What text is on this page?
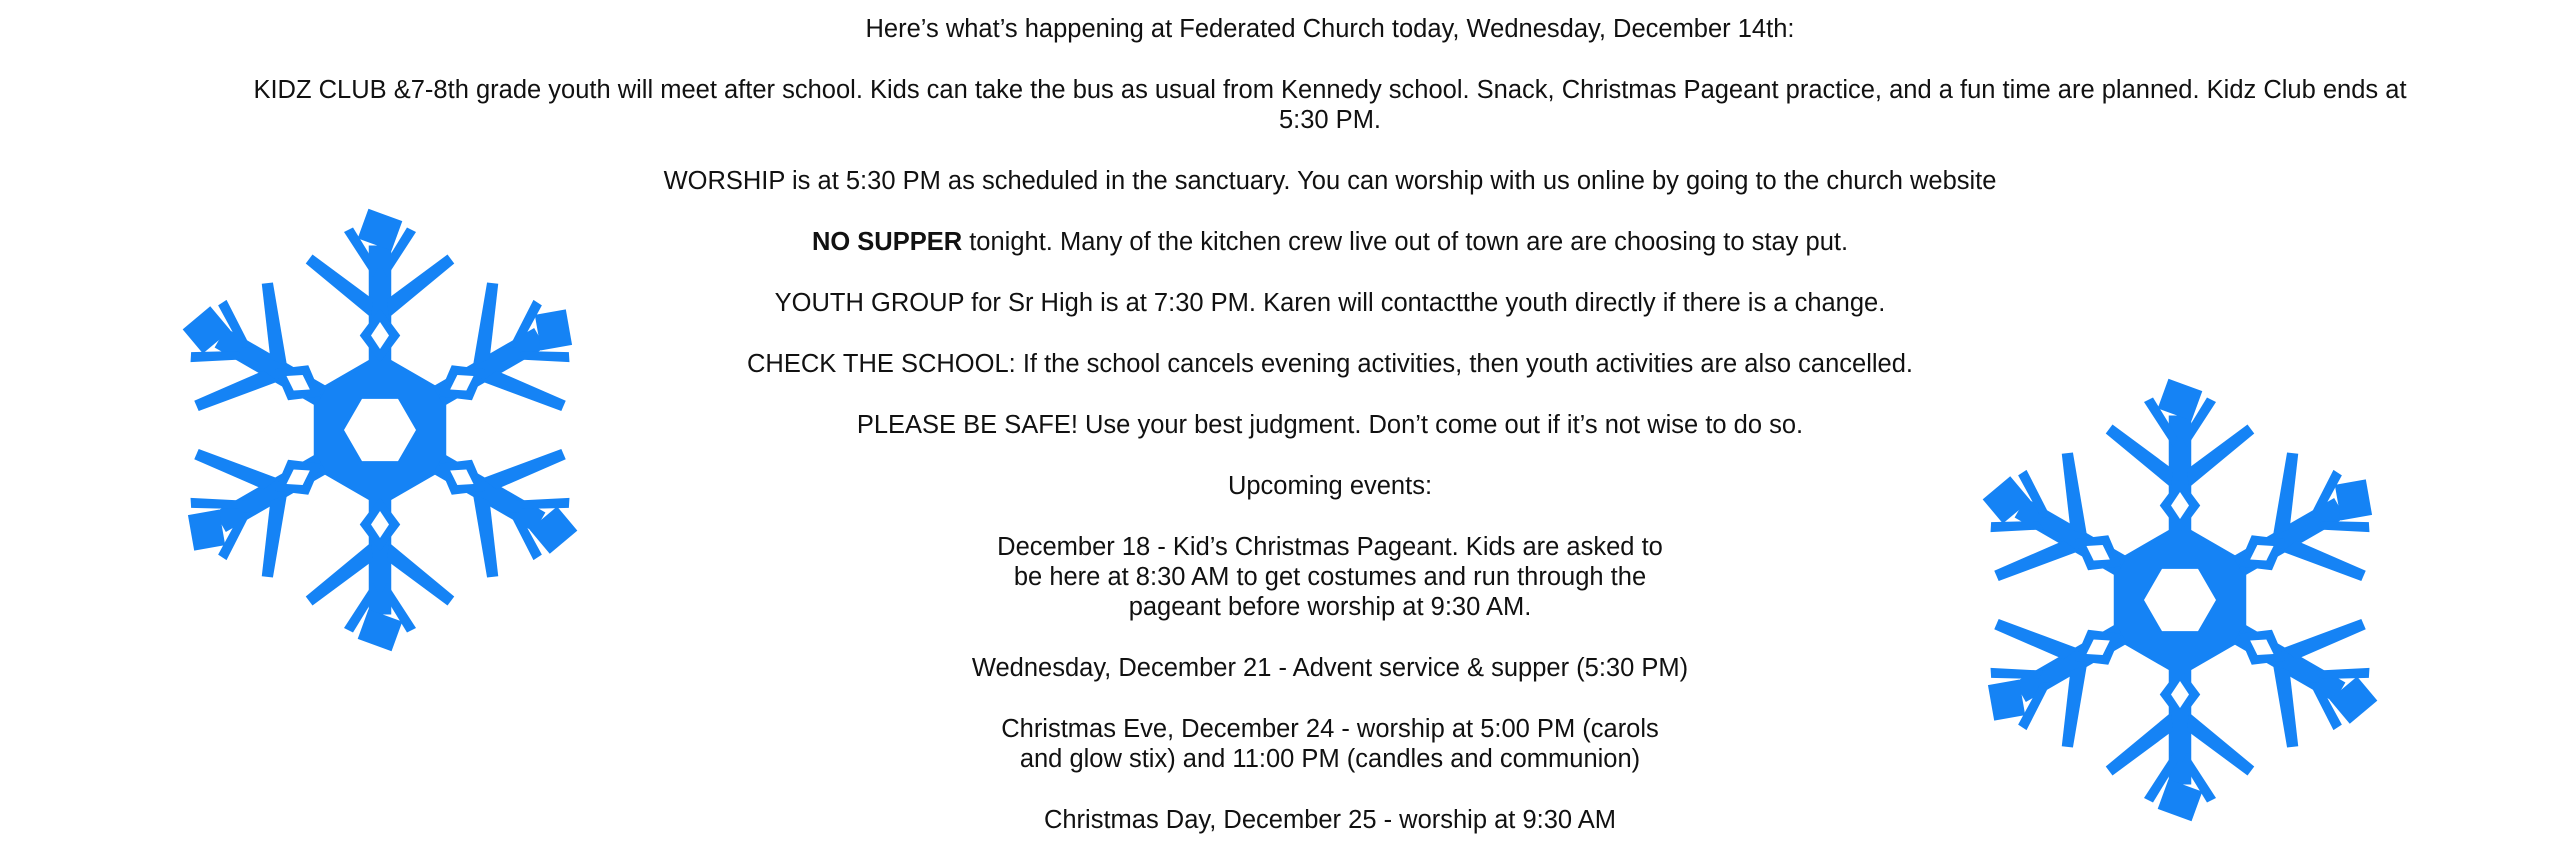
Here’s what’s happening at Federated Church today, Wednesday, December 14th:

KIDZ CLUB &7-8th grade youth will meet after school. Kids can take the bus as usual from Kennedy school. Snack, Christmas Pageant practice, and a fun time are planned. Kidz Club ends at 5:30 PM.

WORSHIP is at 5:30 PM as scheduled in the sanctuary. You can worship with us online by going to the church website

NO SUPPER tonight. Many of the kitchen crew live out of town are are choosing to stay put.

YOUTH GROUP for Sr High is at 7:30 PM. Karen will contactthe youth directly if there is a change.

CHECK THE SCHOOL: If the school cancels evening activities, then youth activities are also cancelled.

PLEASE BE SAFE! Use your best judgment. Don’t come out if it’s not wise to do so.

Upcoming events:

December 18 - Kid’s Christmas Pageant. Kids are asked to be here at 8:30 AM to get costumes and run through the pageant before worship at 9:30 AM.

Wednesday, December 21 - Advent service & supper (5:30 PM)

Christmas Eve, December 24 - worship at 5:00 PM (carols and glow stix) and 11:00 PM (candles and communion)

Christmas Day, December 25 - worship at 9:30 AM
